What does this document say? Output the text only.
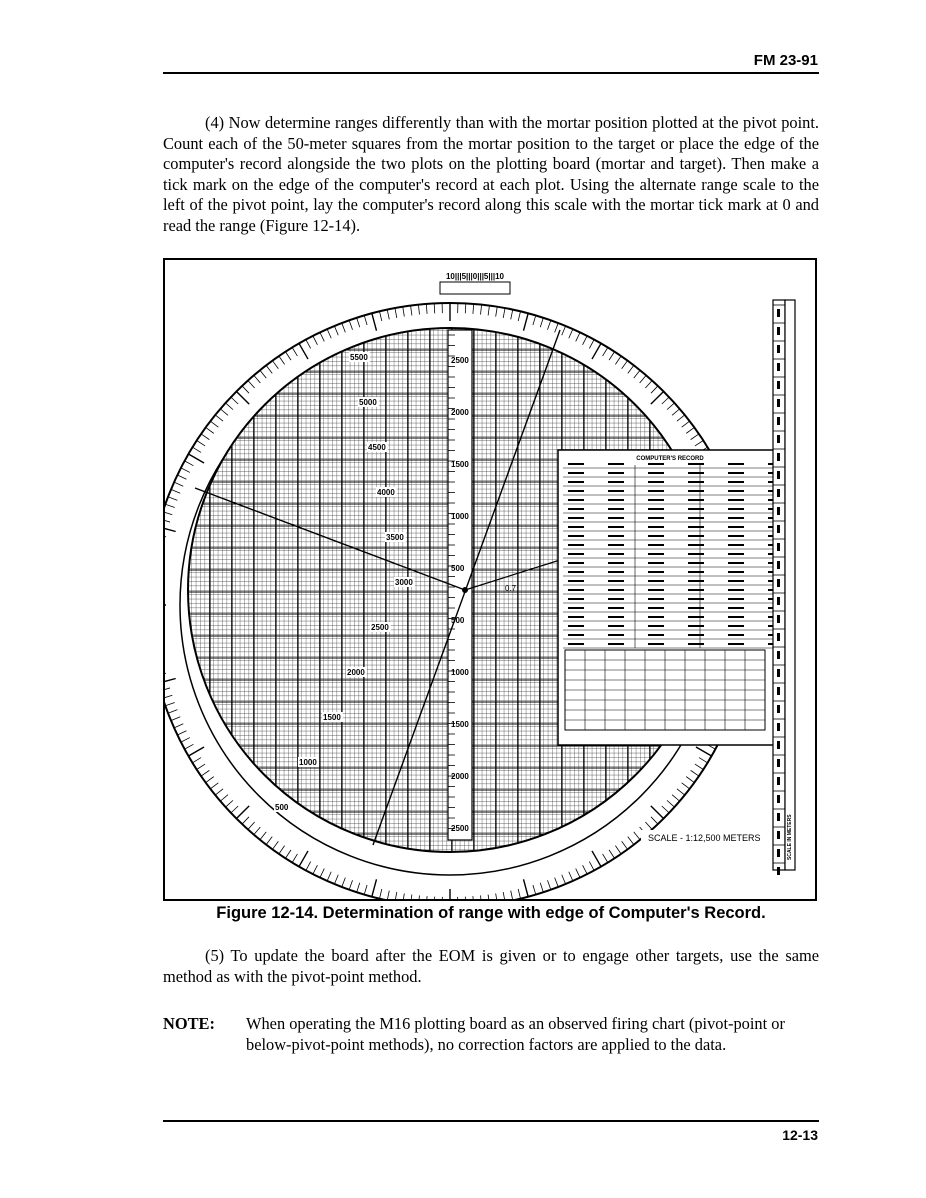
FM 23-91

(4) Now determine ranges differently than with the mortar position plotted at the pivot point. Count each of the 50-meter squares from the mortar position to the target or place the edge of the computer's record alongside the two plots on the plotting board (mortar and target). Then make a tick mark on the edge of the computer's record at each plot. Using the alternate range scale to the left of the pivot point, lay the computer's record along this scale with the mortar tick mark at 0 and read the range (Figure 12-14).

5500
5000
4500
4000
3500
3000
2500
2000
1500
1000
500
2500
2000
1500
1000
500
500
1000
1500
2000
2500
10|||5|||0|||5|||10
COMPUTER'S RECORD
SCALE IN METERS
0.7
SCALE - 1:12,500 METERS
Figure 12-14. Determination of range with edge of Computer's Record.

(5) To update the board after the EOM is given or to engage other targets, use the same method as with the pivot-point method.

NOTE: When operating the M16 plotting board as an observed firing chart (pivot-point or below-pivot-point methods), no correction factors are applied to the data.
12-13
